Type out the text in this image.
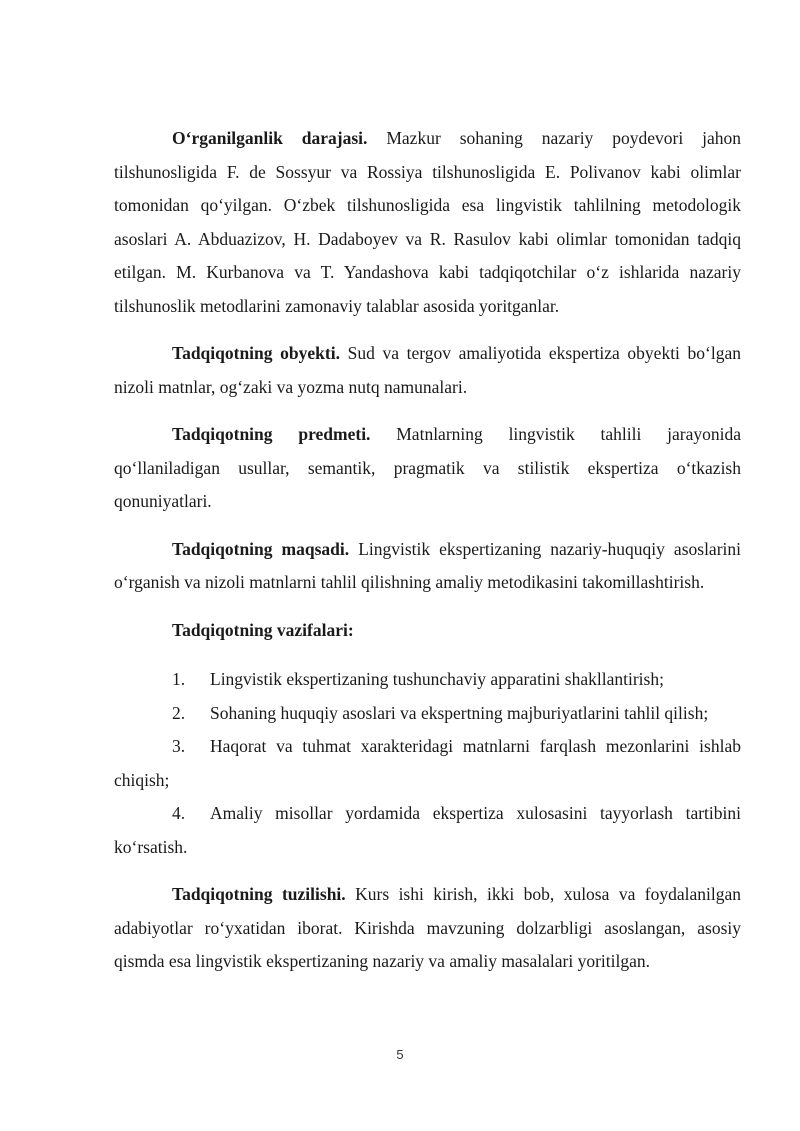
O‘rganilganlik darajasi. Mazkur sohaning nazariy poydevori jahon tilshunosligida F. de Sossyur va Rossiya tilshunosligida E. Polivanov kabi olimlar tomonidan qo‘yilgan. O‘zbek tilshunosligida esa lingvistik tahlilning metodologik asoslari A. Abduazizov, H. Dadaboyev va R. Rasulov kabi olimlar tomonidan tadqiq etilgan. M. Kurbanova va T. Yandashova kabi tadqiqotchilar o‘z ishlarida nazariy tilshunoslik metodlarini zamonaviy talablar asosida yoritganlar.

Tadqiqotning obyekti. Sud va tergov amaliyotida ekspertiza obyekti bo‘lgan nizoli matnlar, og‘zaki va yozma nutq namunalari.

Tadqiqotning predmeti. Matnlarning lingvistik tahlili jarayonida qo‘llaniladigan usullar, semantik, pragmatik va stilistik ekspertiza o‘tkazish qonuniyatlari.

Tadqiqotning maqsadi. Lingvistik ekspertizaning nazariy-huquqiy asoslarini o‘rganish va nizoli matnlarni tahlil qilishning amaliy metodikasini takomillashtirish.

Tadqiqotning vazifalari:

1. Lingvistik ekspertizaning tushunchaviy apparatini shakllantirish;

2. Sohaning huquqiy asoslari va ekspertning majburiyatlarini tahlil qilish;

3. Haqorat va tuhmat xarakteridagi matnlarni farqlash mezonlarini ishlab chiqish;

4. Amaliy misollar yordamida ekspertiza xulosasini tayyorlash tartibini ko‘rsatish.

Tadqiqotning tuzilishi. Kurs ishi kirish, ikki bob, xulosa va foydalanilgan adabiyotlar ro‘yxatidan iborat. Kirishda mavzuning dolzarbligi asoslangan, asosiy qismda esa lingvistik ekspertizaning nazariy va amaliy masalalari yoritilgan.

5
